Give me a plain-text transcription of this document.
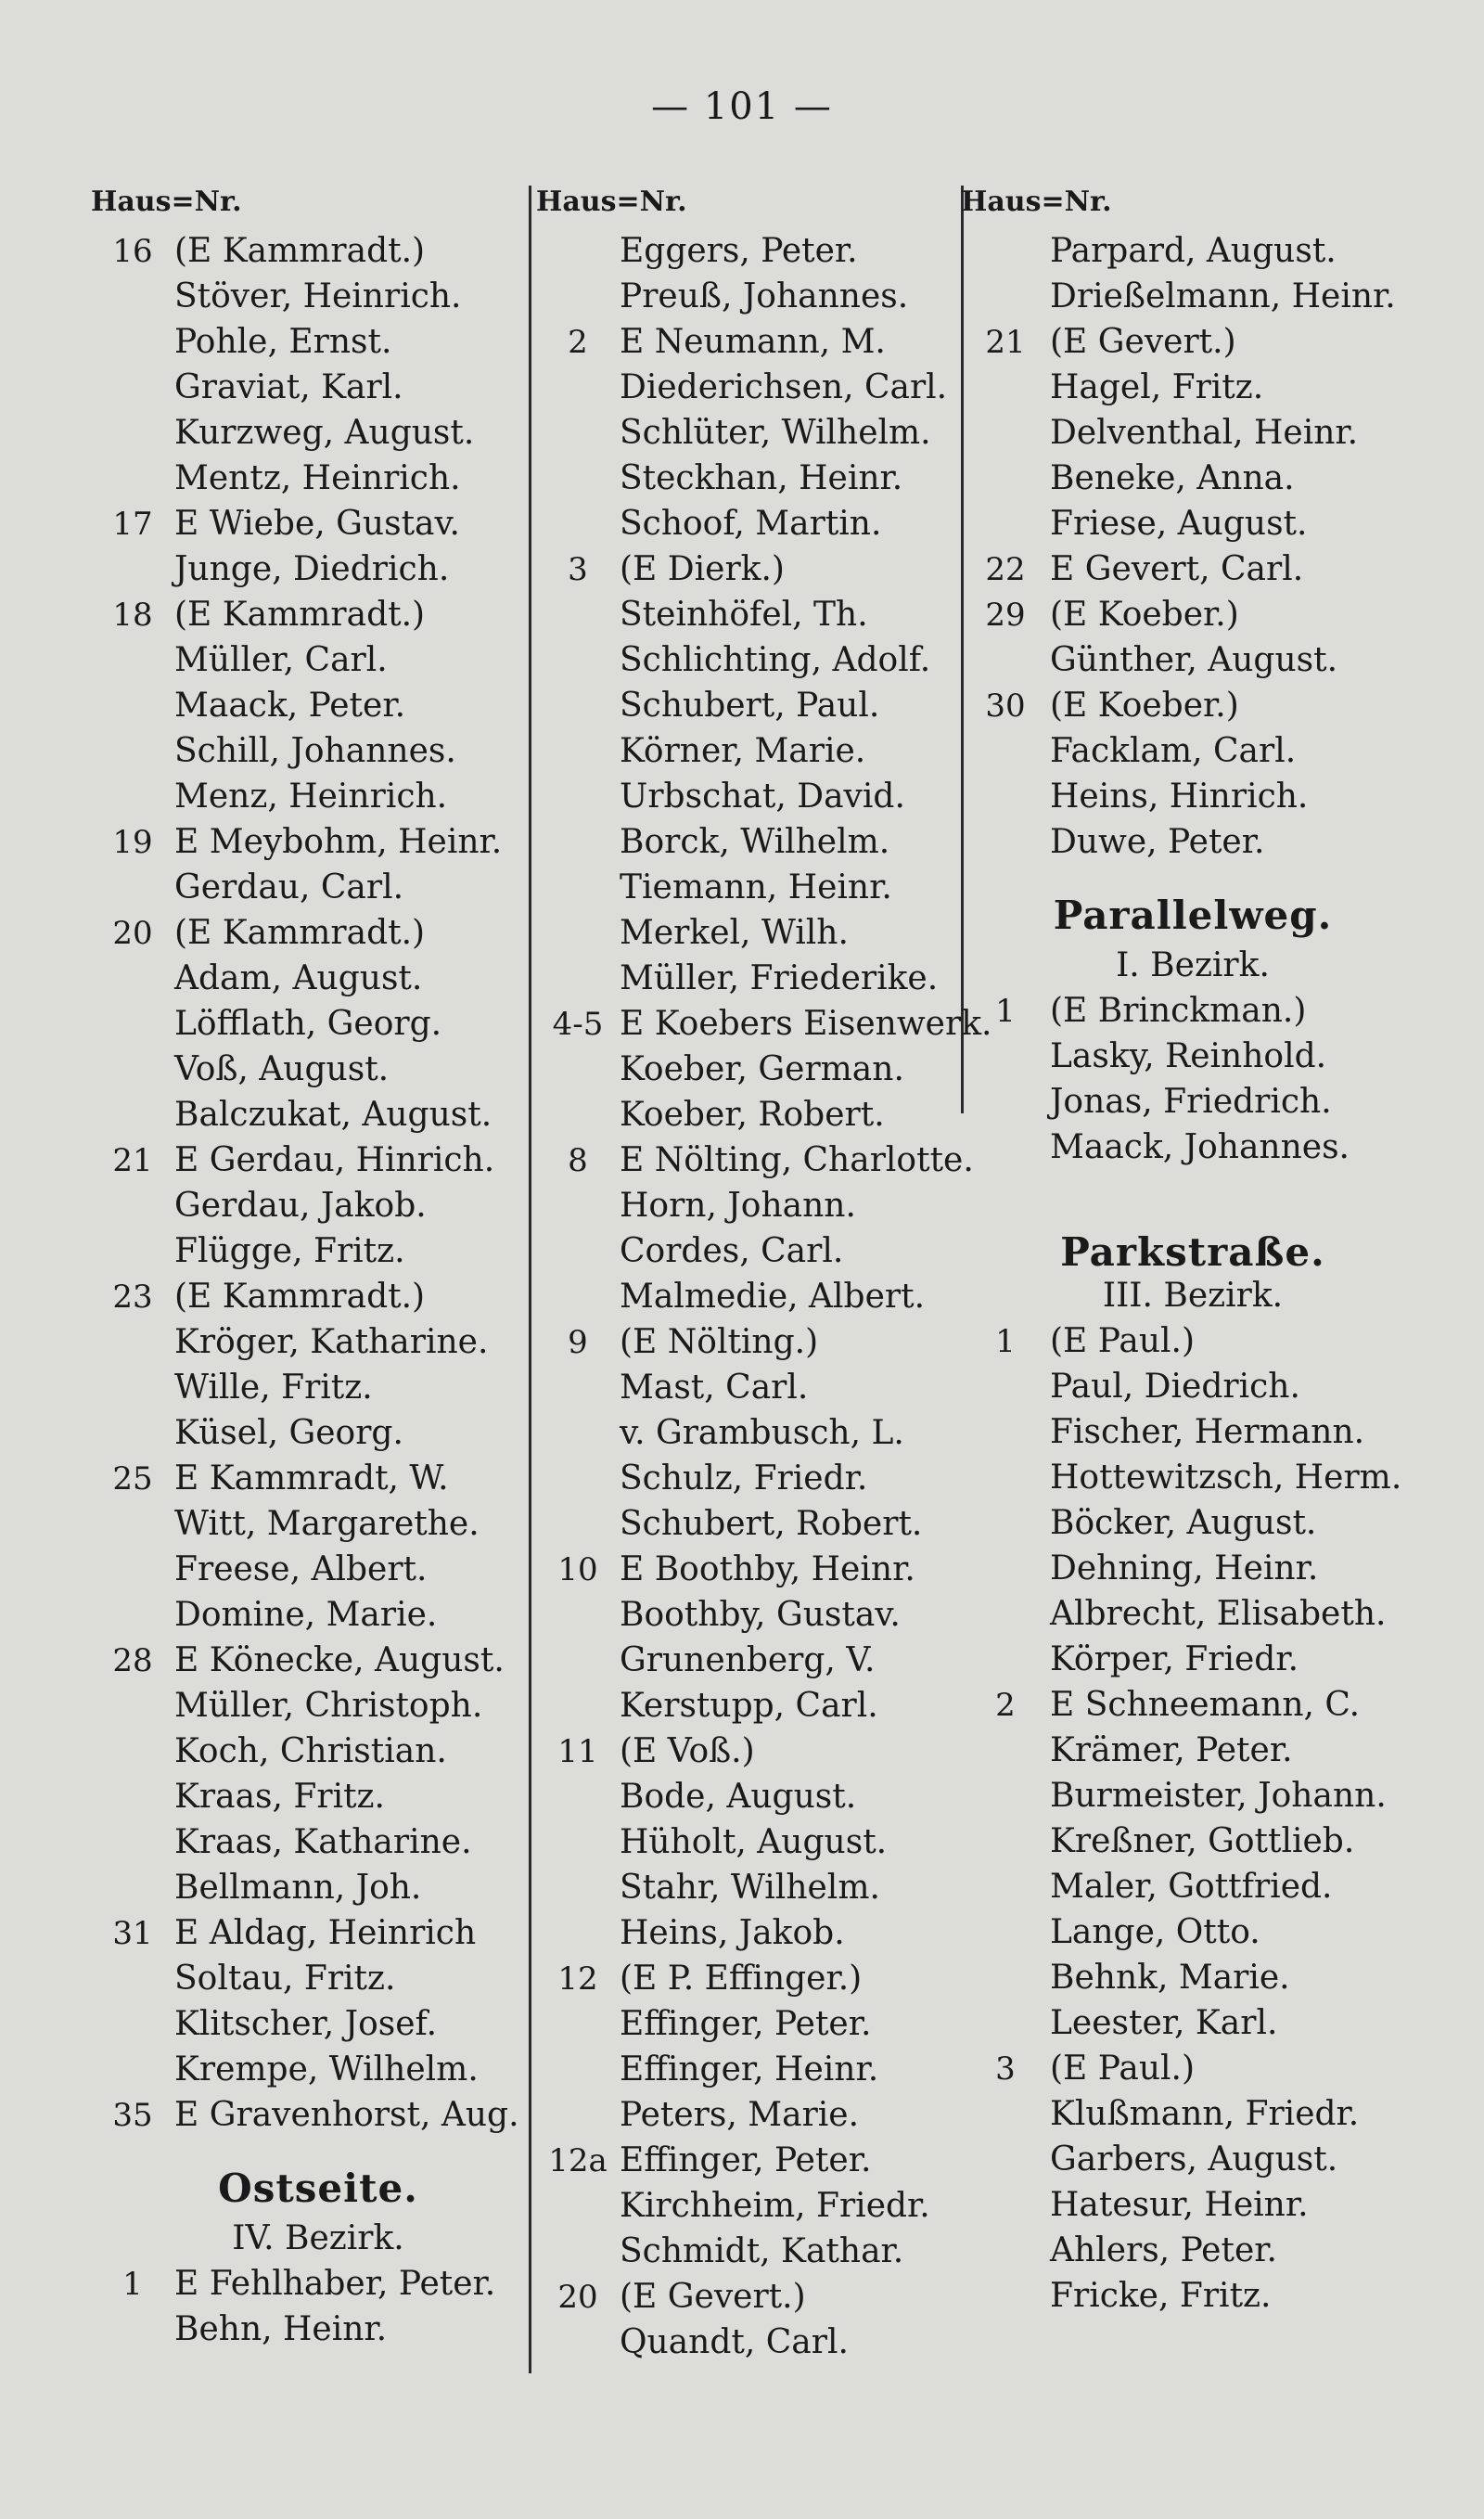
— 101 —
Haus=Nr.
16 (E Kammradt.)
Stöver, Heinrich.
Pohle, Ernst.
Graviat, Karl.
Kurzweg, August.
Mentz, Heinrich.
17 E Wiebe, Gustav.
Junge, Diedrich.
18 (E Kammradt.)
Müller, Carl.
Maack, Peter.
Schill, Johannes.
Menz, Heinrich.
19 E Meybohm, Heinr.
Gerdau, Carl.
20 (E Kammradt.)
Adam, August.
Löfflath, Georg.
Voß, August.
Balczukat, August.
21 E Gerdau, Hinrich.
Gerdau, Jakob.
Flügge, Fritz.
23 (E Kammradt.)
Kröger, Katharine.
Wille, Fritz.
Küsel, Georg.
25 E Kammradt, W.
Witt, Margarethe.
Freese, Albert.
Domine, Marie.
28 E Könecke, August.
Müller, Christoph.
Koch, Christian.
Kraas, Fritz.
Kraas, Katharine.
Bellmann, Joh.
31 E Aldag, Heinrich
Soltau, Fritz.
Klitscher, Josef.
Krempe, Wilhelm.
35 E Gravenhorst, Aug.
Ostseite.
IV. Bezirk.
1 E Fehlhaber, Peter.
Behn, Heinr.
Haus=Nr.
Eggers, Peter.
Preuß, Johannes.
2 E Neumann, M.
Diederichsen, Carl.
Schlüter, Wilhelm.
Steckhan, Heinr.
Schoof, Martin.
3 (E Dierk.)
Steinhöfel, Th.
Schlichting, Adolf.
Schubert, Paul.
Körner, Marie.
Urbschat, David.
Borck, Wilhelm.
Tiemann, Heinr.
Merkel, Wilh.
Müller, Friederike.
4-5 E Koebers Eisenwerk.
Koeber, German.
Koeber, Robert.
8 E Nölting, Charlotte.
Horn, Johann.
Cordes, Carl.
Malmedie, Albert.
9 (E Nölting.)
Mast, Carl.
v. Grambusch, L.
Schulz, Friedr.
Schubert, Robert.
10 E Boothby, Heinr.
Boothby, Gustav.
Grunenberg, V.
Kerstupp, Carl.
11 (E Voß.)
Bode, August.
Hüholt, August.
Stahr, Wilhelm.
Heins, Jakob.
12 (E P. Effinger.)
Effinger, Peter.
Effinger, Heinr.
Peters, Marie.
12a Effinger, Peter.
Kirchheim, Friedr.
Schmidt, Kathar.
20 (E Gevert.)
Quandt, Carl.
Haus=Nr.
Parpard, August.
Drießelmann, Heinr.
21 (E Gevert.)
Hagel, Fritz.
Delventhal, Heinr.
Beneke, Anna.
Friese, August.
22 E Gevert, Carl.
29 (E Koeber.)
Günther, August.
30 (E Koeber.)
Facklam, Carl.
Heins, Hinrich.
Duwe, Peter.
Parallelweg.
I. Bezirk.
1 (E Brinckman.)
Lasky, Reinhold.
Jonas, Friedrich.
Maack, Johannes.
Parkstraße.
III. Bezirk.
1 (E Paul.)
Paul, Diedrich.
Fischer, Hermann.
Hottewitzsch, Herm.
Böcker, August.
Dehning, Heinr.
Albrecht, Elisabeth.
Körper, Friedr.
2 E Schneemann, C.
Krämer, Peter.
Burmeister, Johann.
Kreßner, Gottlieb.
Maler, Gottfried.
Lange, Otto.
Behnk, Marie.
Leester, Karl.
3 (E Paul.)
Klußmann, Friedr.
Garbers, August.
Hatesur, Heinr.
Ahlers, Peter.
Fricke, Fritz.
